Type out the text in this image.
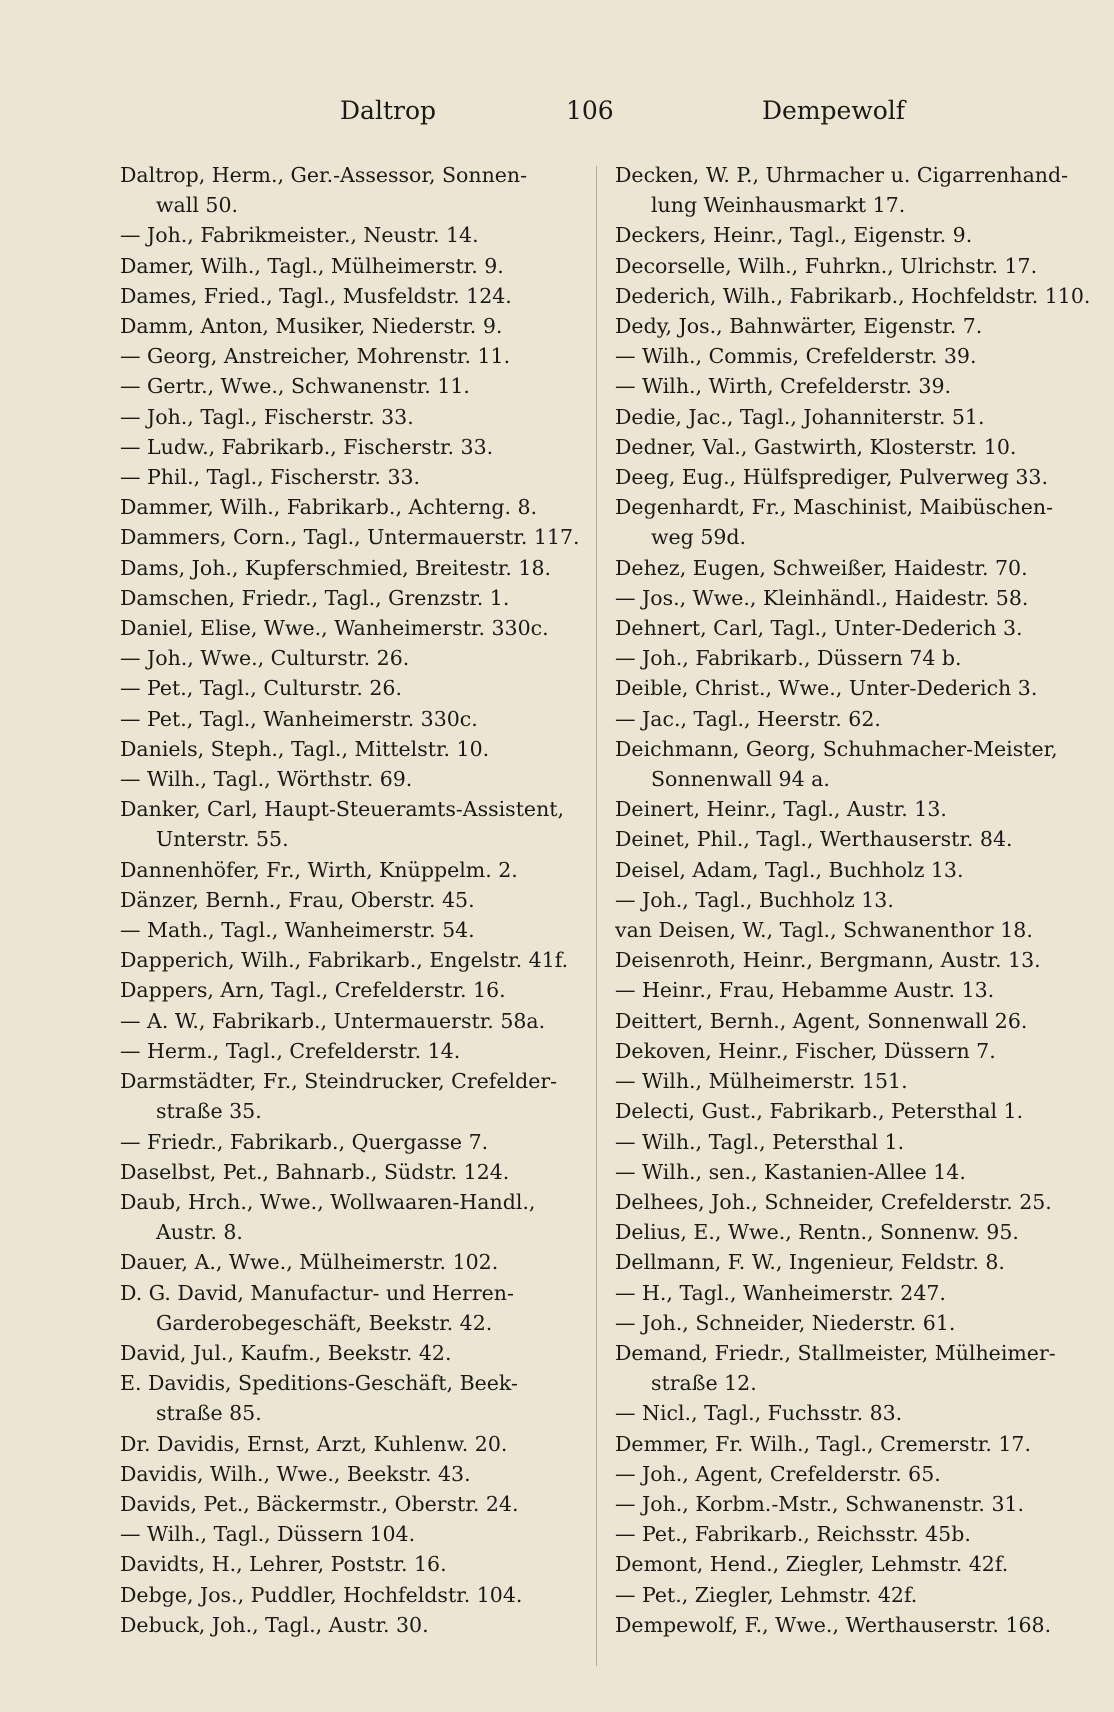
Daltrop	106	Dempewolf
Daltrop, Herm., Ger.-Assessor, Sonnen-
wall 50.
— Joh., Fabrikmeister., Neustr. 14.
Damer, Wilh., Tagl., Mülheimerstr. 9.
Dames, Fried., Tagl., Musfeldstr. 124.
Damm, Anton, Musiker, Niederstr. 9.
— Georg, Anstreicher, Mohrenstr. 11.
— Gertr., Wwe., Schwanenstr. 11.
— Joh., Tagl., Fischerstr. 33.
— Ludw., Fabrikarb., Fischerstr. 33.
— Phil., Tagl., Fischerstr. 33.
Dammer, Wilh., Fabrikarb., Achterng. 8.
Dammers, Corn., Tagl., Untermauerstr. 117.
Dams, Joh., Kupferschmied, Breitestr. 18.
Damschen, Friedr., Tagl., Grenzstr. 1.
Daniel, Elise, Wwe., Wanheimerstr. 330c.
— Joh., Wwe., Culturstr. 26.
— Pet., Tagl., Culturstr. 26.
— Pet., Tagl., Wanheimerstr. 330c.
Daniels, Steph., Tagl., Mittelstr. 10.
— Wilh., Tagl., Wörthstr. 69.
Danker, Carl, Haupt-Steueramts-Assistent,
Unterstr. 55.
Dannenhöfer, Fr., Wirth, Knüppelm. 2.
Dänzer, Bernh., Frau, Oberstr. 45.
— Math., Tagl., Wanheimerstr. 54.
Dapperich, Wilh., Fabrikarb., Engelstr. 41f.
Dappers, Arn, Tagl., Crefelderstr. 16.
— A. W., Fabrikarb., Untermauerstr. 58a.
— Herm., Tagl., Crefelderstr. 14.
Darmstädter, Fr., Steindrucker, Crefelder-
straße 35.
— Friedr., Fabrikarb., Quergasse 7.
Daselbst, Pet., Bahnarb., Südstr. 124.
Daub, Hrch., Wwe., Wollwaaren-Handl.,
Austr. 8.
Dauer, A., Wwe., Mülheimerstr. 102.
D. G. David, Manufactur- und Herren-
Garderobegeschäft, Beekstr. 42.
David, Jul., Kaufm., Beekstr. 42.
E. Davidis, Speditions-Geschäft, Beek-
straße 85.
Dr. Davidis, Ernst, Arzt, Kuhlenw. 20.
Davidis, Wilh., Wwe., Beekstr. 43.
Davids, Pet., Bäckermstr., Oberstr. 24.
— Wilh., Tagl., Düssern 104.
Davidts, H., Lehrer, Poststr. 16.
Debge, Jos., Puddler, Hochfeldstr. 104.
Debuck, Joh., Tagl., Austr. 30.
Decken, W. P., Uhrmacher u. Cigarrenhand-
lung Weinhausmarkt 17.
Deckers, Heinr., Tagl., Eigenstr. 9.
Decorselle, Wilh., Fuhrkn., Ulrichstr. 17.
Dederich, Wilh., Fabrikarb., Hochfeldstr. 110.
Dedy, Jos., Bahnwärter, Eigenstr. 7.
— Wilh., Commis, Crefelderstr. 39.
— Wilh., Wirth, Crefelderstr. 39.
Dedie, Jac., Tagl., Johanniterstr. 51.
Dedner, Val., Gastwirth, Klosterstr. 10.
Deeg, Eug., Hülfsprediger, Pulverweg 33.
Degenhardt, Fr., Maschinist, Maibüschen-
weg 59d.
Dehez, Eugen, Schweißer, Haidestr. 70.
— Jos., Wwe., Kleinhändl., Haidestr. 58.
Dehnert, Carl, Tagl., Unter-Dederich 3.
— Joh., Fabrikarb., Düssern 74 b.
Deible, Christ., Wwe., Unter-Dederich 3.
— Jac., Tagl., Heerstr. 62.
Deichmann, Georg, Schuhmacher-Meister,
Sonnenwall 94 a.
Deinert, Heinr., Tagl., Austr. 13.
Deinet, Phil., Tagl., Werthauserstr. 84.
Deisel, Adam, Tagl., Buchholz 13.
— Joh., Tagl., Buchholz 13.
van Deisen, W., Tagl., Schwanenthor 18.
Deisenroth, Heinr., Bergmann, Austr. 13.
— Heinr., Frau, Hebamme Austr. 13.
Deittert, Bernh., Agent, Sonnenwall 26.
Dekoven, Heinr., Fischer, Düssern 7.
— Wilh., Mülheimerstr. 151.
Delecti, Gust., Fabrikarb., Petersthal 1.
— Wilh., Tagl., Petersthal 1.
— Wilh., sen., Kastanien-Allee 14.
Delhees, Joh., Schneider, Crefelderstr. 25.
Delius, E., Wwe., Rentn., Sonnenw. 95.
Dellmann, F. W., Ingenieur, Feldstr. 8.
— H., Tagl., Wanheimerstr. 247.
— Joh., Schneider, Niederstr. 61.
Demand, Friedr., Stallmeister, Mülheimer-
straße 12.
— Nicl., Tagl., Fuchsstr. 83.
Demmer, Fr. Wilh., Tagl., Cremerstr. 17.
— Joh., Agent, Crefelderstr. 65.
— Joh., Korbm.-Mstr., Schwanenstr. 31.
— Pet., Fabrikarb., Reichsstr. 45b.
Demont, Hend., Ziegler, Lehmstr. 42f.
— Pet., Ziegler, Lehmstr. 42f.
Dempewolf, F., Wwe., Werthauserstr. 168.
